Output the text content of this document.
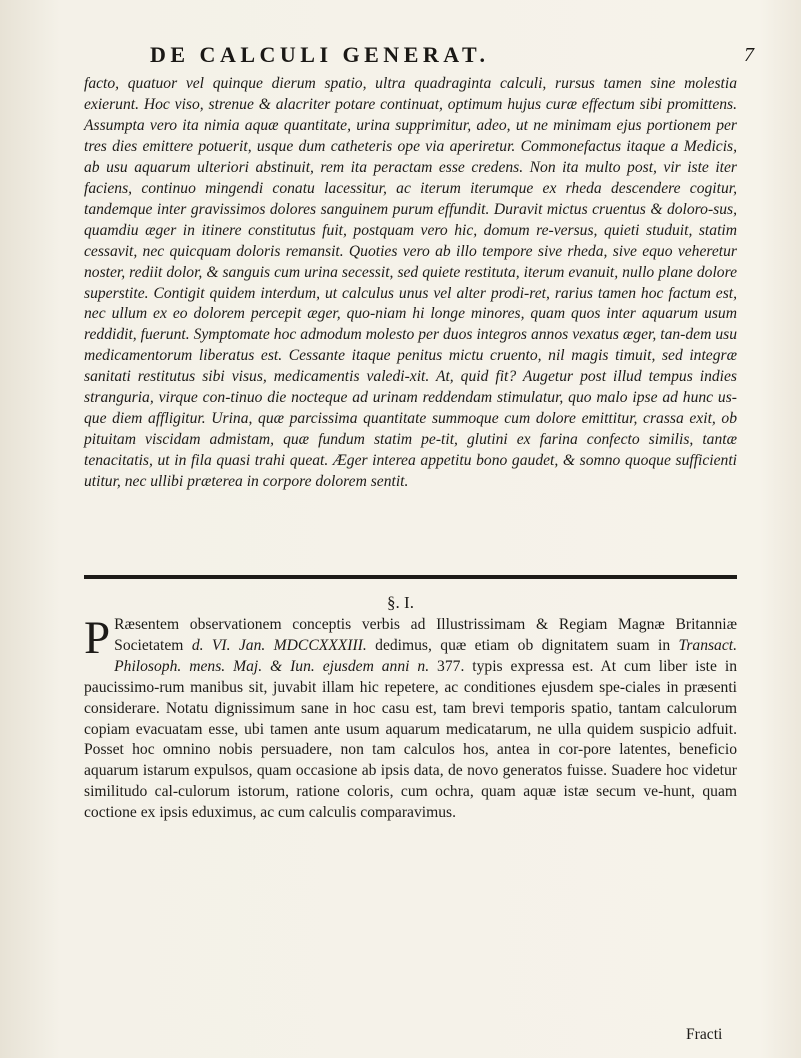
DE CALCULI GENERAT.	7

facto, quatuor vel quinque dierum spatio, ultra quadraginta calculi, rursus tamen sine molestia exierunt. Hoc viso, strenue & alacriter potare continuat, optimum hujus curæ effectum sibi promittens. Assumpta vero ita nimia aquæ quantitate, urina supprimitur, adeo, ut ne minimam ejus portionem per tres dies emittere potuerit, usque dum catheteris ope via aperiretur. Commonefactus itaque a Medicis, ab usu aquarum ulteriori abstinuit, rem ita peractam esse credens. Non ita multo post, vir iste iter faciens, continuo mingendi conatu lacessitur, ac iterum iterumque ex rheda descendere cogitur, tandemque inter gravissimos dolores sanguinem purum effundit. Duravit mictus cruentus & doloro-sus, quamdiu æger in itinere constitutus fuit, postquam vero hic, domum re-versus, quieti studuit, statim cessavit, nec quicquam doloris remansit. Quoties vero ab illo tempore sive rheda, sive equo veheretur noster, rediit dolor, & sanguis cum urina secessit, sed quiete restituta, iterum evanuit, nullo plane dolore superstite. Contigit quidem interdum, ut calculus unus vel alter prodi-ret, rarius tamen hoc factum est, nec ullum ex eo dolorem percepit æger, quo-niam hi longe minores, quam quos inter aquarum usum reddidit, fuerunt. Symptomate hoc admodum molesto per duos integros annos vexatus æger, tan-dem usu medicamentorum liberatus est. Cessante itaque penitus mictu cruento, nil magis timuit, sed integræ sanitati restitutus sibi visus, medicamentis valedi-xit. At, quid fit? Augetur post illud tempus indies stranguria, virque con-tinuo die nocteque ad urinam reddendam stimulatur, quo malo ipse ad hunc us-que diem affligitur. Urina, quæ parcissima quantitate summoque cum dolore emittitur, crassa exit, ob pituitam viscidam admistam, quæ fundum statim pe-tit, glutini ex farina confecto similis, tantæ tenacitatis, ut in fila quasi trahi queat. Æger interea appetitu bono gaudet, & somno quoque sufficienti utitur, nec ullibi præterea in corpore dolorem sentit.

§. I.

P Ræsentem observationem conceptis verbis ad Illustrissimam & Regiam Magnæ Britanniæ Societatem d. VI. Jan. MDCCXXXIII. dedimus, quæ etiam ob dignitatem suam in Transact. Philosoph. mens. Maj. & Iun. ejusdem anni n. 377. typis expressa est. At cum liber iste in paucissimo-rum manibus sit, juvabit illam hic repetere, ac conditiones ejusdem spe-ciales in præsenti considerare. Notatu dignissimum sane in hoc casu est, tam brevi temporis spatio, tantam calculorum copiam evacuatam esse, ubi tamen ante usum aquarum medicatarum, ne ulla quidem suspicio adfuit. Posset hoc omnino nobis persuadere, non tam calculos hos, antea in cor-pore latentes, beneficio aquarum istarum expulsos, quam occasione ab ipsis data, de novo generatos fuisse. Suadere hoc videtur similitudo cal-culorum istorum, ratione coloris, cum ochra, quam aquæ istæ secum ve-hunt, quam coctione ex ipsis eduximus, ac cum calculis comparavimus.

Fracti
